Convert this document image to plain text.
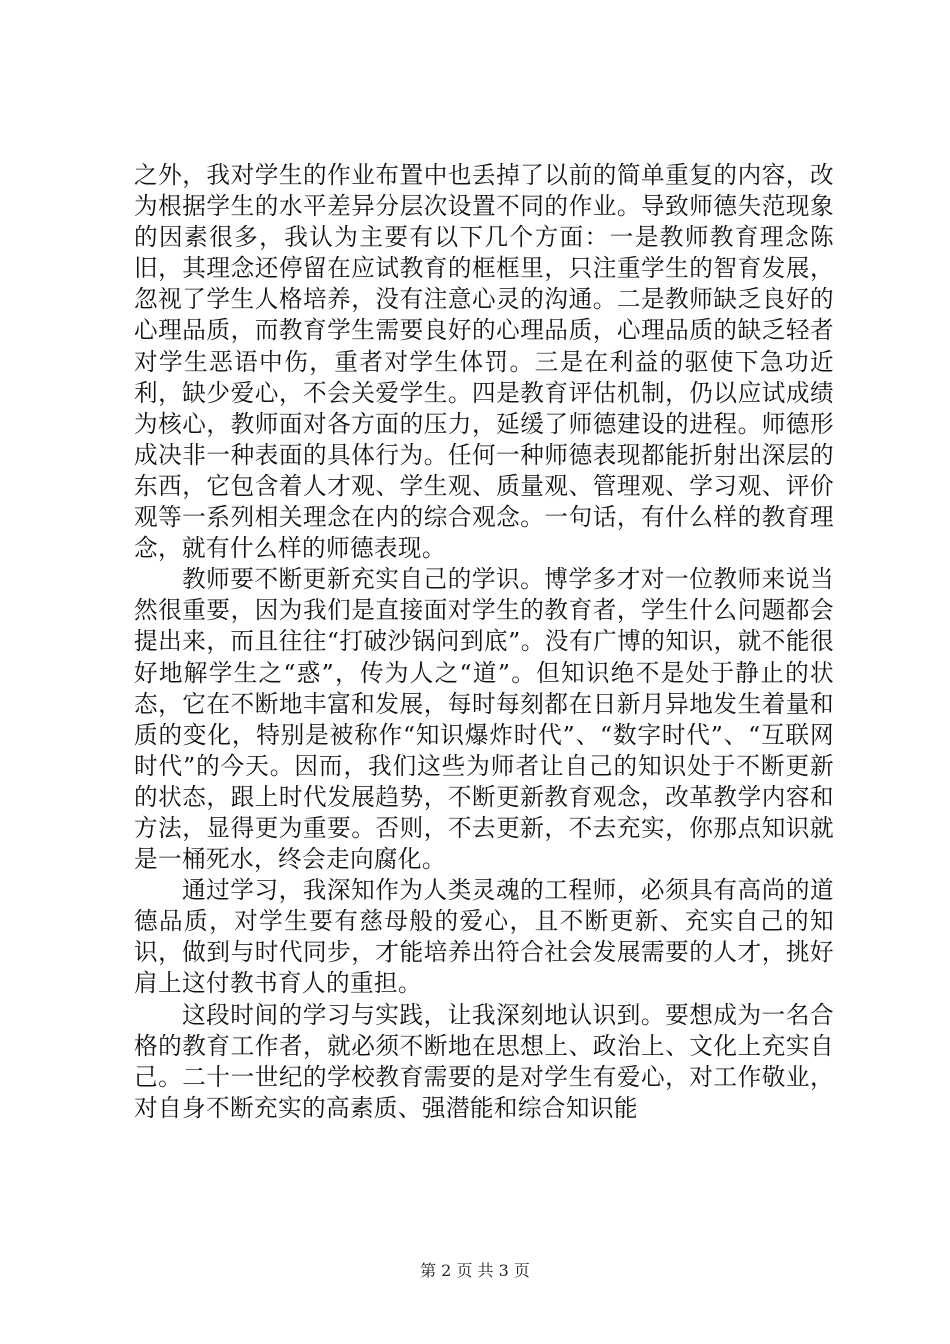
之外，我对学生的作业布置中也丢掉了以前的简单重复的内容，改为根据学生的水平差异分层次设置不同的作业。导致师德失范现象的因素很多，我认为主要有以下几个方面：一是教师教育理念陈旧，其理念还停留在应试教育的框框里，只注重学生的智育发展，忽视了学生人格培养，没有注意心灵的沟通。二是教师缺乏良好的心理品质，而教育学生需要良好的心理品质，心理品质的缺乏轻者对学生恶语中伤，重者对学生体罚。三是在利益的驱使下急功近利，缺少爱心，不会关爱学生。四是教育评估机制，仍以应试成绩为核心，教师面对各方面的压力，延缓了师德建设的进程。师德形成决非一种表面的具体行为。任何一种师德表现都能折射出深层的东西，它包含着人才观、学生观、质量观、管理观、学习观、评价观等一系列相关理念在内的综合观念。一句话，有什么样的教育理念，就有什么样的师德表现。

教师要不断更新充实自己的学识。博学多才对一位教师来说当然很重要，因为我们是直接面对学生的教育者，学生什么问题都会提出来，而且往往“打破沙锅问到底”。没有广博的知识，就不能很好地解学生之“惑”，传为人之“道”。但知识绝不是处于静止的状态，它在不断地丰富和发展，每时每刻都在日新月异地发生着量和质的变化，特别是被称作“知识爆炸时代”、“数字时代”、“互联网时代”的今天。因而，我们这些为师者让自己的知识处于不断更新的状态，跟上时代发展趋势，不断更新教育观念，改革教学内容和方法，显得更为重要。否则，不去更新，不去充实，你那点知识就是一桶死水，终会走向腐化。

通过学习，我深知作为人类灵魂的工程师，必须具有高尚的道德品质，对学生要有慈母般的爱心，且不断更新、充实自己的知识，做到与时代同步，才能培养出符合社会发展需要的人才，挑好肩上这付教书育人的重担。

这段时间的学习与实践，让我深刻地认识到。要想成为一名合格的教育工作者，就必须不断地在思想上、政治上、文化上充实自己。二十一世纪的学校教育需要的是对学生有爱心，对工作敬业，对自身不断充实的高素质、强潜能和综合知识能

第 2 页 共 3 页
